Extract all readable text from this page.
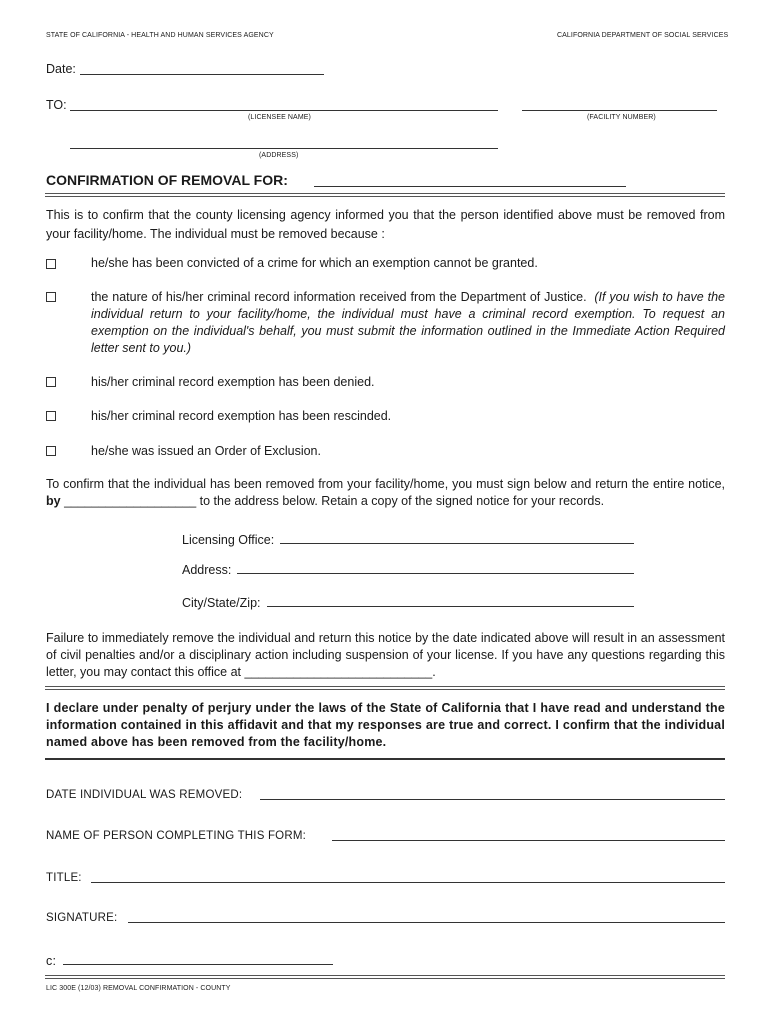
STATE OF CALIFORNIA - HEALTH AND HUMAN SERVICES AGENCY	CALIFORNIA DEPARTMENT OF SOCIAL SERVICES
Date:
TO:
(LICENSEE NAME)	(FACILITY NUMBER)
(ADDRESS)
CONFIRMATION OF REMOVAL FOR:
This is to confirm that the county licensing agency informed you that the person identified above must be removed from your facility/home. The individual must be removed because :
he/she has been convicted of a crime for which an exemption cannot be granted.
the nature of his/her criminal record information received from the Department of Justice. (If you wish to have the individual return to your facility/home, the individual must have a criminal record exemption. To request an exemption on the individual's behalf, you must submit the information outlined in the Immediate Action Required letter sent to you.)
his/her criminal record exemption has been denied.
his/her criminal record exemption has been rescinded.
he/she was issued an Order of Exclusion.
To confirm that the individual has been removed from your facility/home, you must sign below and return the entire notice, by ___________________ to the address below. Retain a copy of the signed notice for your records.
Licensing Office:
Address:
City/State/Zip:
Failure to immediately remove the individual and return this notice by the date indicated above will result in an assessment of civil penalties and/or a disciplinary action including suspension of your license. If you have any questions regarding this letter, you may contact this office at ___________________________.
I declare under penalty of perjury under the laws of the State of California that I have read and understand the information contained in this affidavit and that my responses are true and correct. I confirm that the individual named above has been removed from the facility/home.
DATE INDIVIDUAL WAS REMOVED:
NAME OF PERSON COMPLETING THIS FORM:
TITLE:
SIGNATURE:
c:
LIC 300E (12/03) REMOVAL CONFIRMATION - COUNTY
